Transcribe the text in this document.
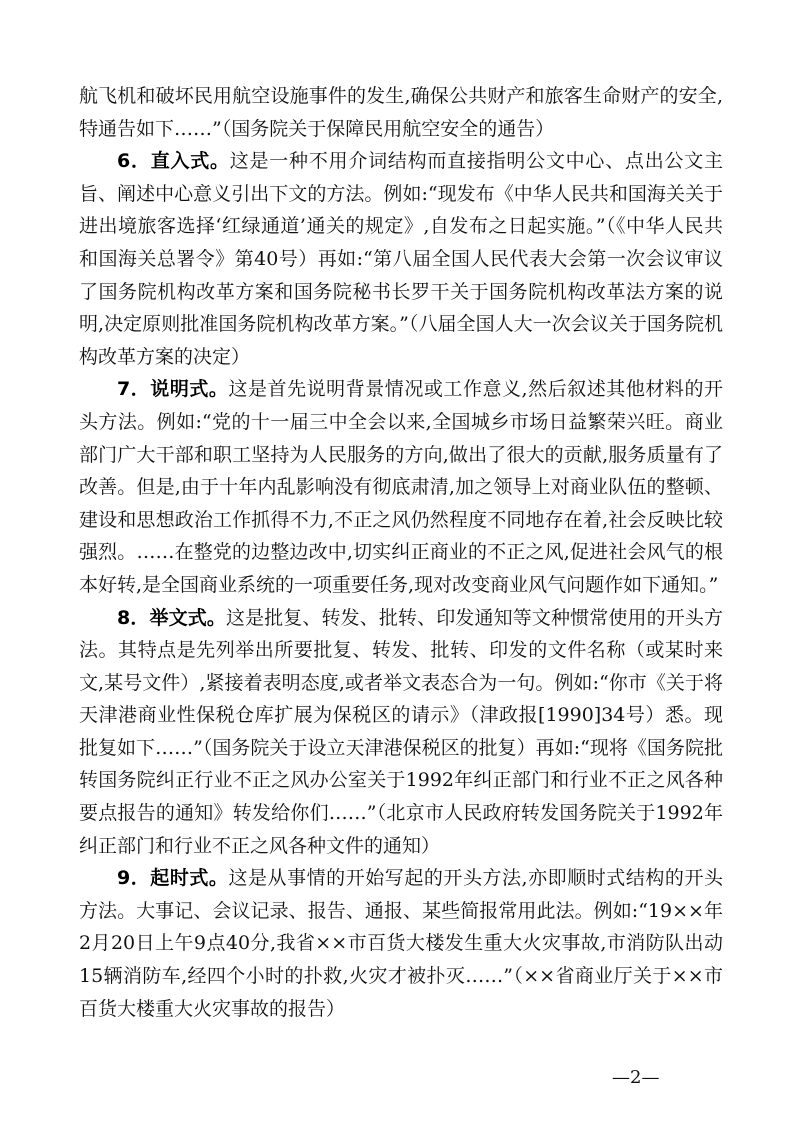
航飞机和破坏民用航空设施事件的发生,确保公共财产和旅客生命财产的安全,特通告如下……”（国务院关于保障民用航空安全的通告）

6．直入式。这是一种不用介词结构而直接指明公文中心、点出公文主旨、阐述中心意义引出下文的方法。例如:“现发布《中华人民共和国海关关于进出境旅客选择‘红绿通道’通关的规定》,自发布之日起实施。”（《中华人民共和国海关总署令》第40号）再如:“第八届全国人民代表大会第一次会议审议了国务院机构改革方案和国务院秘书长罗干关于国务院机构改革法方案的说明,决定原则批准国务院机构改革方案。”（八届全国人大一次会议关于国务院机构改革方案的决定）

7．说明式。这是首先说明背景情况或工作意义,然后叙述其他材料的开头方法。例如:“党的十一届三中全会以来,全国城乡市场日益繁荣兴旺。商业部门广大干部和职工坚持为人民服务的方向,做出了很大的贡献,服务质量有了改善。但是,由于十年内乱影响没有彻底肃清,加之领导上对商业队伍的整顿、建设和思想政治工作抓得不力,不正之风仍然程度不同地存在着,社会反映比较强烈。……在整党的边整边改中,切实纠正商业的不正之风,促进社会风气的根本好转,是全国商业系统的一项重要任务,现对改变商业风气问题作如下通知。”

8．举文式。这是批复、转发、批转、印发通知等文种惯常使用的开头方法。其特点是先列举出所要批复、转发、批转、印发的文件名称（或某时来文,某号文件）,紧接着表明态度,或者举文表态合为一句。例如:“你市《关于将天津港商业性保税仓库扩展为保税区的请示》（津政报[1990]34号）悉。现批复如下……”（国务院关于设立天津港保税区的批复）再如:“现将《国务院批转国务院纠正行业不正之风办公室关于1992年纠正部门和行业不正之风各种要点报告的通知》转发给你们……”（北京市人民政府转发国务院关于1992年纠正部门和行业不正之风各种文件的通知）

9．起时式。这是从事情的开始写起的开头方法,亦即顺时式结构的开头方法。大事记、会议记录、报告、通报、某些简报常用此法。例如:“19××年2月20日上午9点40分,我省××市百货大楼发生重大火灾事故,市消防队出动15辆消防车,经四个小时的扑救,火灾才被扑灭……”（××省商业厅关于××市百货大楼重大火灾事故的报告）

—2—
